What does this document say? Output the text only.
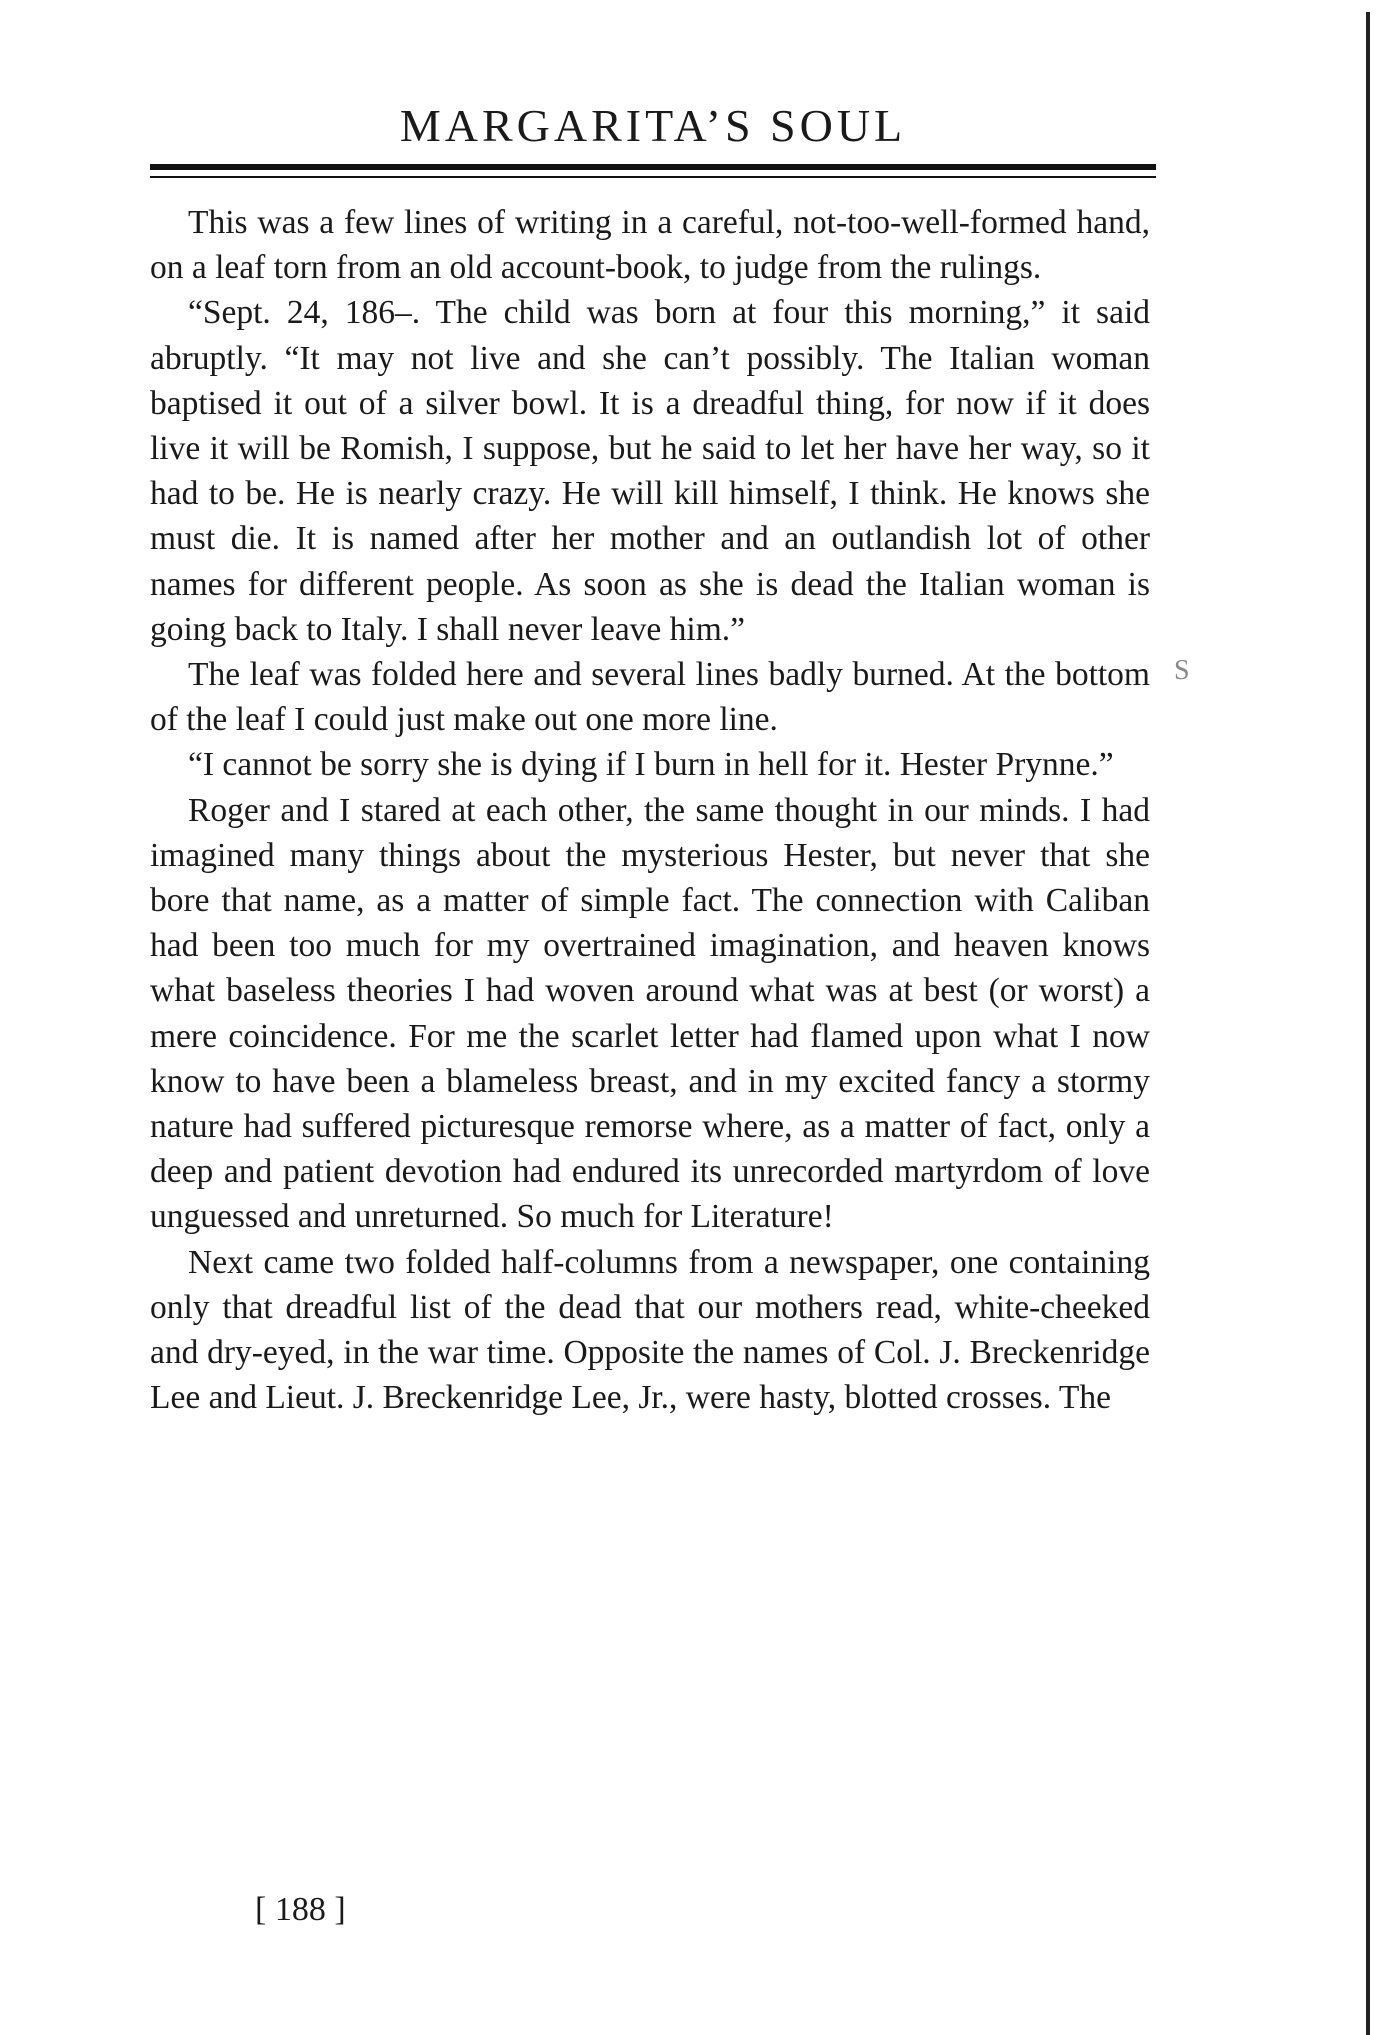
MARGARITA’S SOUL

This was a few lines of writing in a careful, not-too-well-formed hand, on a leaf torn from an old account-book, to judge from the rulings.

“Sept. 24, 186–. The child was born at four this morning,” it said abruptly. “It may not live and she can’t possibly. The Italian woman baptised it out of a silver bowl. It is a dreadful thing, for now if it does live it will be Romish, I suppose, but he said to let her have her way, so it had to be. He is nearly crazy. He will kill himself, I think. He knows she must die. It is named after her mother and an outlandish lot of other names for different people. As soon as she is dead the Italian woman is going back to Italy. I shall never leave him.”

The leaf was folded here and several lines badly burned. At the bottom of the leaf I could just make out one more line.

“I cannot be sorry she is dying if I burn in hell for it. Hester Prynne.”

Roger and I stared at each other, the same thought in our minds. I had imagined many things about the mysterious Hester, but never that she bore that name, as a matter of simple fact. The connection with Caliban had been too much for my overtrained imagination, and heaven knows what baseless theories I had woven around what was at best (or worst) a mere coincidence. For me the scarlet letter had flamed upon what I now know to have been a blameless breast, and in my excited fancy a stormy nature had suffered picturesque remorse where, as a matter of fact, only a deep and patient devotion had endured its unrecorded martyrdom of love unguessed and unreturned. So much for Literature!

Next came two folded half-columns from a newspaper, one containing only that dreadful list of the dead that our mothers read, white-cheeked and dry-eyed, in the war time. Opposite the names of Col. J. Breckenridge Lee and Lieut. J. Breckenridge Lee, Jr., were hasty, blotted crosses. The

[ 188 ]
S
